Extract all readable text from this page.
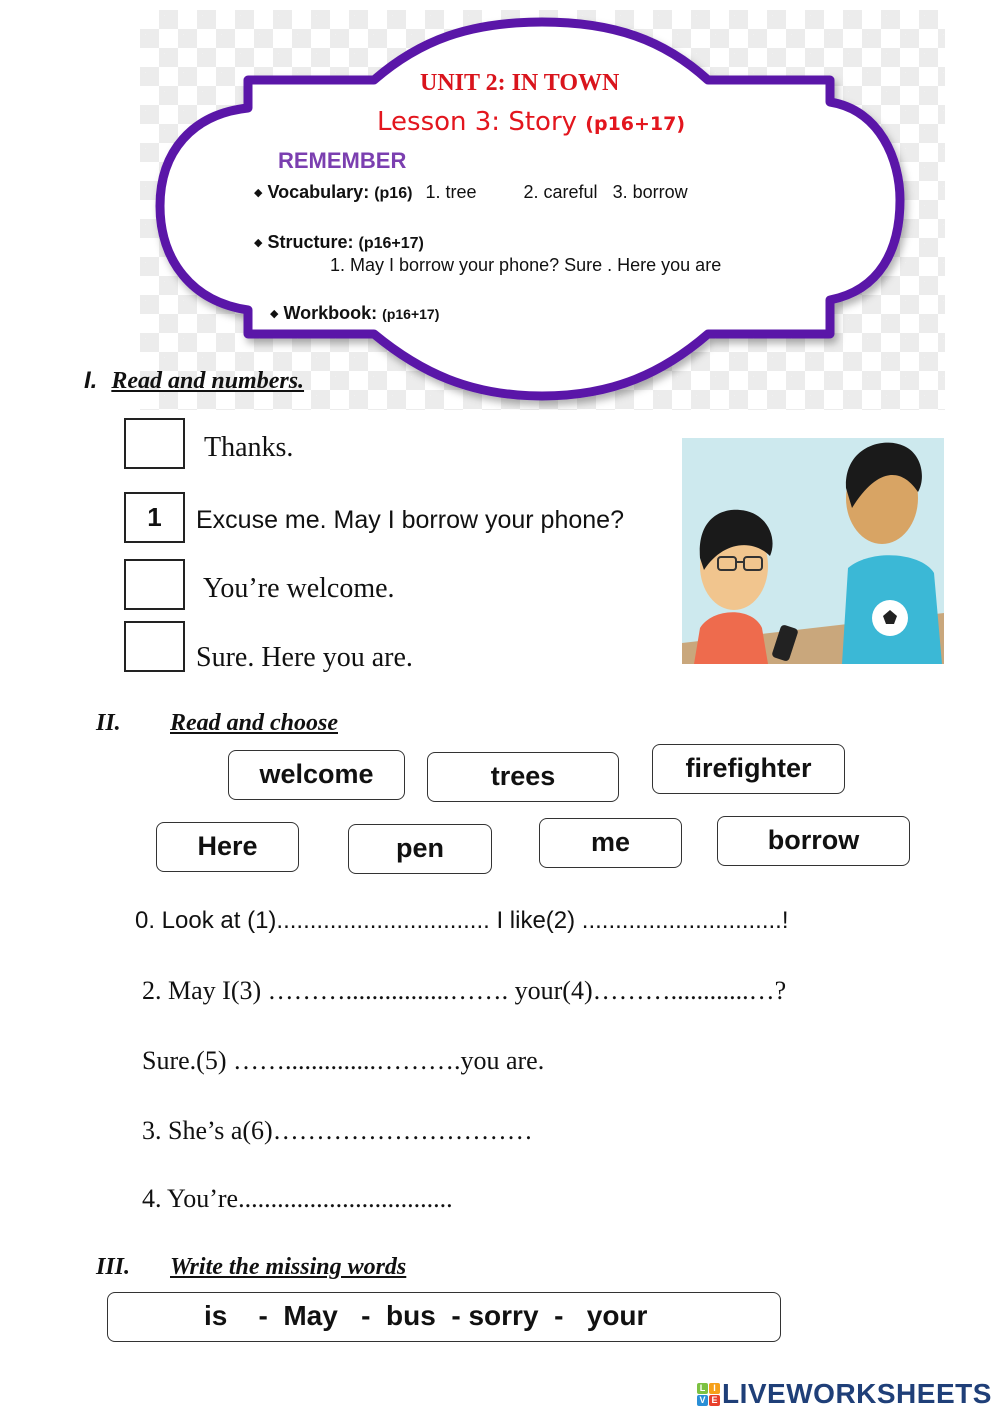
UNIT 2: IN TOWN
Lesson 3: Story (p16+17)
REMEMBER
◆ Vocabulary: (p16) 1. tree	2. careful 3. borrow
◆ Structure: (p16+17)
1. May I borrow your phone? Sure . Here you are
◆ Workbook: (p16+17)
I. Read and numbers.
Thanks.
1	Excuse me. May I borrow your phone?
You’re welcome.
Sure. Here you are.
II. Read and choose
welcome	trees	firefighter
Here	pen	me	borrow
0. Look at (1)................................ I like(2) ..............................!
2. May I(3) ………................……. your(4)………............…?
Sure.(5) ……..............……….you are.
3. She’s a(6)…………………………
4. You’re.................................
III. Write the missing words
is    -  May   -  bus  - sorry  -   your
L I
V E LIVEWORKSHEETS
